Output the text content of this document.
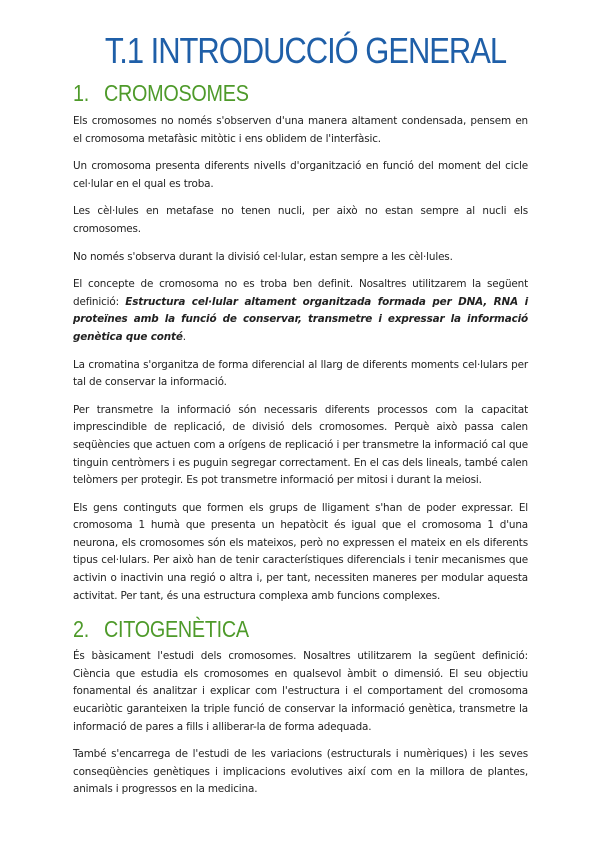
T.1 INTRODUCCIÓ GENERAL
1. CROMOSOMES

Els cromosomes no només s'observen d'una manera altament condensada, pensem en el cromosoma metafàsic mitòtic i ens oblidem de l'interfàsic.

Un cromosoma presenta diferents nivells d'organització en funció del moment del cicle cel·lular en el qual es troba.

Les cèl·lules en metafase no tenen nucli, per això no estan sempre al nucli els cromosomes.

No només s'observa durant la divisió cel·lular, estan sempre a les cèl·lules.

El concepte de cromosoma no es troba ben definit. Nosaltres utilitzarem la següent definició: Estructura cel·lular altament organitzada formada per DNA, RNA i proteïnes amb la funció de conservar, transmetre i expressar la informació genètica que conté.

La cromatina s'organitza de forma diferencial al llarg de diferents moments cel·lulars per tal de conservar la informació.

Per transmetre la informació són necessaris diferents processos com la capacitat imprescindible de replicació, de divisió dels cromosomes. Perquè això passa calen seqüències que actuen com a orígens de replicació i per transmetre la informació cal que tinguin centròmers i es puguin segregar correctament. En el cas dels lineals, també calen telòmers per protegir. Es pot transmetre informació per mitosi i durant la meiosi.

Els gens continguts que formen els grups de lligament s'han de poder expressar. El cromosoma 1 humà que presenta un hepatòcit és igual que el cromosoma 1 d'una neurona, els cromosomes són els mateixos, però no expressen el mateix en els diferents tipus cel·lulars. Per això han de tenir característiques diferencials i tenir mecanismes que activin o inactivin una regió o altra i, per tant, necessiten maneres per modular aquesta activitat. Per tant, és una estructura complexa amb funcions complexes.

2. CITOGENÈTICA

És bàsicament l'estudi dels cromosomes. Nosaltres utilitzarem la següent definició: Ciència que estudia els cromosomes en qualsevol àmbit o dimensió. El seu objectiu fonamental és analitzar i explicar com l'estructura i el comportament del cromosoma eucariòtic garanteixen la triple funció de conservar la informació genètica, transmetre la informació de pares a fills i alliberar-la de forma adequada.

També s'encarrega de l'estudi de les variacions (estructurals i numèriques) i les seves conseqüències genètiques i implicacions evolutives així com en la millora de plantes, animals i progressos en la medicina.
